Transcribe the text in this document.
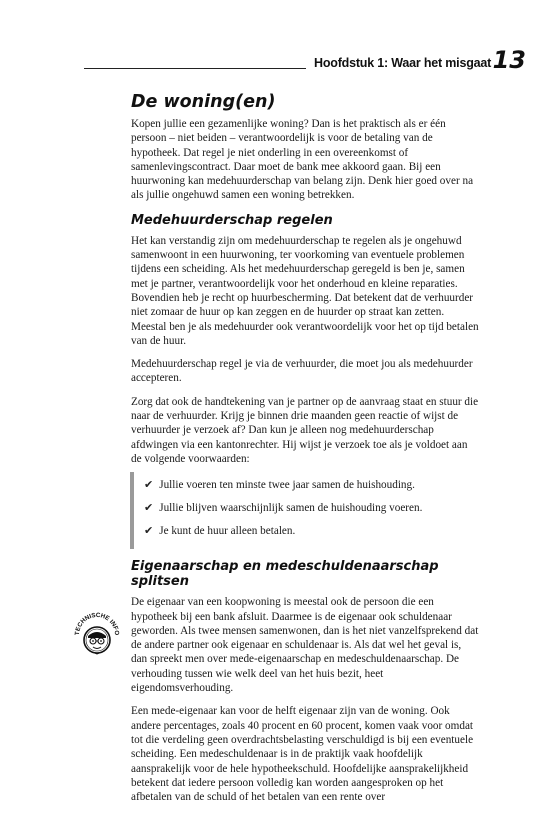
Hoofdstuk 1: Waar het misgaat 13
De woning(en)

Kopen jullie een gezamenlijke woning? Dan is het praktisch als er één persoon – niet beiden – verantwoordelijk is voor de betaling van de hypotheek. Dat regel je niet onderling in een overeenkomst of samenlevingscontract. Daar moet de bank mee akkoord gaan. Bij een huurwoning kan medehuurderschap van belang zijn. Denk hier goed over na als jullie ongehuwd samen een woning betrekken.

Medehuurderschap regelen

Het kan verstandig zijn om medehuurderschap te regelen als je ongehuwd samenwoont in een huurwoning, ter voorkoming van eventuele problemen tijdens een scheiding. Als het medehuurderschap geregeld is ben je, samen met je partner, verantwoordelijk voor het onderhoud en kleine reparaties. Bovendien heb je recht op huurbescherming. Dat betekent dat de verhuurder niet zomaar de huur op kan zeggen en de huurder op straat kan zetten. Meestal ben je als medehuurder ook verantwoordelijk voor het op tijd betalen van de huur.

Medehuurderschap regel je via de verhuurder, die moet jou als medehuurder accepteren.

Zorg dat ook de handtekening van je partner op de aanvraag staat en stuur die naar de verhuurder. Krijg je binnen drie maanden geen reactie of wijst de verhuurder je verzoek af? Dan kun je alleen nog medehuurderschap afdwingen via een kantonrechter. Hij wijst je verzoek toe als je voldoet aan de volgende voorwaarden:

✔ Jullie voeren ten minste twee jaar samen de huishouding.
✔ Jullie blijven waarschijnlijk samen de huishouding voeren.
✔ Je kunt de huur alleen betalen.
Eigenaarschap en medeschuldenaarschap splitsen

De eigenaar van een koopwoning is meestal ook de persoon die een hypotheek bij een bank afsluit. Daarmee is de eigenaar ook schuldenaar geworden. Als twee mensen samenwonen, dan is het niet vanzelfsprekend dat de andere partner ook eigenaar en schuldenaar is. Als dat wel het geval is, dan spreekt men over mede-eigenaarschap en medeschuldenaarschap. De verhouding tussen wie welk deel van het huis bezit, heet eigendomsverhouding.

Een mede-eigenaar kan voor de helft eigenaar zijn van de woning. Ook andere percentages, zoals 40 procent en 60 procent, komen vaak voor omdat tot die verdeling geen overdrachtsbelasting verschuldigd is bij een eventuele scheiding. Een medeschuldenaar is in de praktijk vaak hoofdelijk aansprakelijk voor de hele hypotheekschuld. Hoofdelijke aansprakelijkheid betekent dat iedere persoon volledig kan worden aangesproken op het afbetalen van de schuld of het betalen van een rente over

TECHNISCHE INFO
